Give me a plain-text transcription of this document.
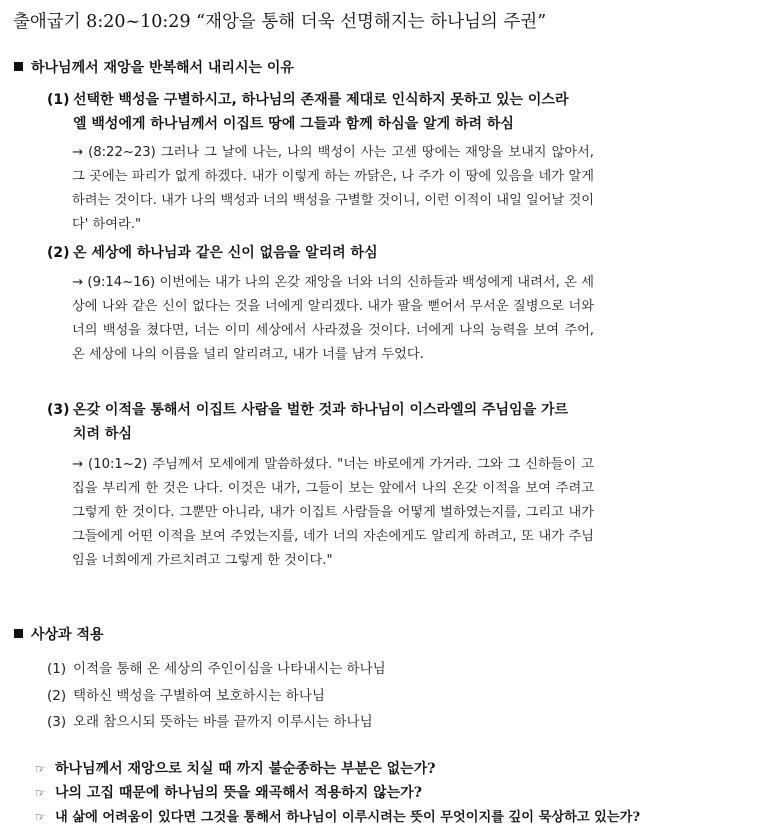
출애굽기 8:20~10:29 “재앙을 통해 더욱 선명해지는 하나님의 주권”
하나님께서 재앙을 반복해서 내리시는 이유
(1) 선택한 백성을 구별하시고, 하나님의 존재를 제대로 인식하지 못하고 있는 이스라
엘 백성에게 하나님께서 이집트 땅에 그들과 함께 하심을 알게 하려 하심
→ (8:22~23) 그러나 그 날에 나는, 나의 백성이 사는 고센 땅에는 재앙을 보내지 않아서, 그 곳에는 파리가 없게 하겠다. 내가 이렇게 하는 까닭은, 나 주가 이 땅에 있음을 네가 알게 하려는 것이다. 내가 나의 백성과 너의 백성을 구별할 것이니, 이런 이적이 내일 일어날 것이다' 하여라."
(2) 온 세상에 하나님과 같은 신이 없음을 알리려 하심
→ (9:14~16) 이번에는 내가 나의 온갖 재앙을 너와 너의 신하들과 백성에게 내려서, 온 세상에 나와 같은 신이 없다는 것을 너에게 알리겠다. 내가 팔을 뻗어서 무서운 질병으로 너와 너의 백성을 쳤다면, 너는 이미 세상에서 사라졌을 것이다. 너에게 나의 능력을 보여 주어, 온 세상에 나의 이름을 널리 알리려고, 내가 너를 남겨 두었다.
(3) 온갖 이적을 통해서 이집트 사람을 벌한 것과 하나님이 이스라엘의 주님임을 가르
치려 하심
→ (10:1~2) 주님께서 모세에게 말씀하셨다. "너는 바로에게 가거라. 그와 그 신하들이 고집을 부리게 한 것은 나다. 이것은 내가, 그들이 보는 앞에서 나의 온갖 이적을 보여 주려고 그렇게 한 것이다. 그뿐만 아니라, 내가 이집트 사람들을 어떻게 벌하였는지를, 그리고 내가 그들에게 어떤 이적을 보여 주었는지를, 네가 너의 자손에게도 알리게 하려고, 또 내가 주님임을 너희에게 가르치려고 그렇게 한 것이다."
사상과 적용
(1) 이적을 통해 온 세상의 주인이심을 나타내시는 하나님
(2) 택하신 백성을 구별하여 보호하시는 하나님
(3) 오래 참으시되 뜻하는 바를 끝까지 이루시는 하나님
☞ 하나님께서 재앙으로 치실 때 까지 불순종하는 부분은 없는가?
☞ 나의 고집 때문에 하나님의 뜻을 왜곡해서 적용하지 않는가?
☞ 내 삶에 어려움이 있다면 그것을 통해서 하나님이 이루시려는 뜻이 무엇이지를 깊이 묵상하고 있는가?
